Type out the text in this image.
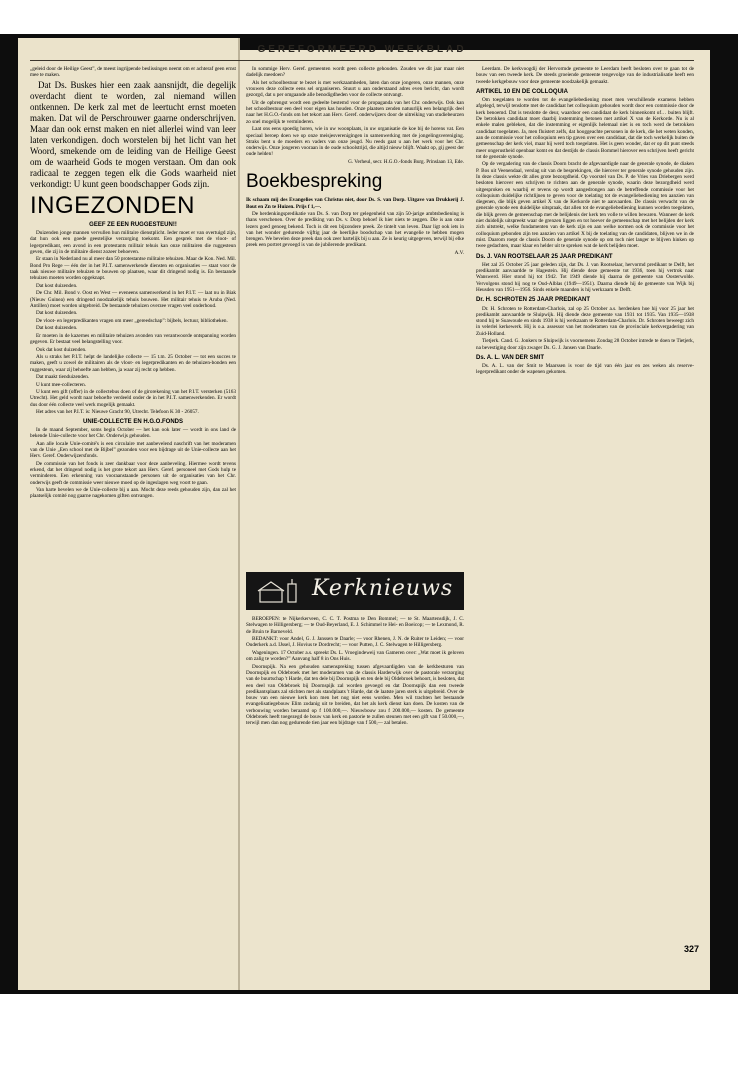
GEREFORMEERD WEEKBLAD

„geleid door de Heilige Geest”, de meest ingrijpende beslissingen neemt om er achteraf geen ernst mee te maken.

Dat Ds. Buskes hier een zaak aansnijdt, die degelijk overdacht dient te worden, zal niemand willen ontkennen. De kerk zal met de leertucht ernst moeten maken. Dat wil de Perschrouwer gaarne onderschrijven. Maar dan ook ernst maken en niet allerlei wind van leer laten verkondigen. doch worstelen bij het licht van het Woord, smekende om de leiding van de Heilige Geest om de waarheid Gods te mogen verstaan. Om dan ook radicaal te zeggen tegen elk die Gods waarheid niet verkondigt: U kunt geen boodschapper Gods zijn.

INGEZONDEN
GEEF ZE EEN RUGGESTEUN!!

Duizenden jonge mannen vervullen hun militaire dienstplicht. Ieder moet er van overtuigd zijn, dat hun ook een goede geestelijke verzorging toekomt. Een gesprek met de vloot- of legerpredikant, een avond in een protestants militair tehuis kan onze militairen die ruggesteun geven, die zij in de militaire dienst zozeer behoeven.

Er staan in Nederland nu al meer dan 50 protestantse militaire tehuizen. Maar de Kon. Ned. Mil. Bond Pro Rege — één der in het P.I.T. samenwerkende diensten en organisaties — staat voor de taak nieuwe militaire tehuizen te bouwen op plaatsen, waar dit dringend nodig is. En bestaande tehuizen moeten worden opgeknapt.

Dat kost duizenden.

De Chr. Mil. Bond v. Oost en West — eveneens samenwerkend in het P.I.T. — laat nu in Biak (Nieuw Guinea) een dringend noodzakelijk tehuis bouwen. Het militair tehuis te Aruba (Ned. Antillen) moet worden uitgebreid. De bestaande tehuizen overzee vragen veel onderhoud.

Dat kost duizenden.

De vloot- en legerpredikanten vragen om meer „gereedschap”: bijbels, lectuur, bibliotheken.

Dat kost duizenden.

Er moeten in de kazernes en militaire tehuizen avonden van verantwoorde ontspanning worden gegeven. Er bestaat veel belangstelling voor.

Ook dat kost duizenden.

Als u straks het P.I.T. helpt de landelijke collecte — 15 t.m. 25 October — tot een succes te maken, geeft u zowel de militairen als de vloot- en legerpredikanten en de tehuizen-bonden een ruggesteun, waar zij behoefte aan hebben, ja waar zij recht op hebben.

Dat maakt tienduizenden.

U kunt mee-collecteren.

U kunt een gift (offer) in de collectebus doen of de girorekening van het P.I.T. versterken (5163 Utrecht). Het geld wordt naar behoefte verdeeld onder de in het P.I.T. samenwerkenden. Er wordt dus door één collecte veel werk mogelijk gemaakt.

Het adres van het P.I.T. is: Nieuwe Gracht 90, Utrecht. Telefoon K 30 - 26057.

UNIE-COLLECTE EN H.G.O.FONDS

In de maand September, soms begin October — het kan ook later — wordt in ons land de bekende Unie-collecte voor het Chr. Onderwijs gehouden.

Aan alle locale Unie-comité's is een circulaire met aanbevelend naschrift van het moderamen van de Unie „Een school met de Bijbel” gezonden voor een bijdrage uit de Unie-collecte aan het Herv. Geref. Onderwijzersfonds.

De commissie van het fonds is zeer dankbaar voor deze aanbeveling. Hiermee wordt tevens erkend, dat het dringend nodig is het grote tekort aan Herv. Geref. personeel met Gods hulp te verminderen. Een erkenning van vooraanstaande personen uit de organisaties van het Chr. onderwijs geeft de commissie weer nieuwe moed op de ingeslagen weg voort te gaan.

Van harte bevelen we de Unie-collecte bij u aan. Mocht deze reeds gehouden zijn, dan zal het plaatselijk comité nog gaarne nagekomen giften ontvangen.

In sommige Herv. Geref. gemeenten wordt geen collecte gehouden. Zouden we dit jaar maar niet dadelijk meedoen?

Als het schoolbestuur te bezet is met werkzaamheden, laten dan onze jongeren, onze mannen, onze vrouwen deze collecte eens sel organiseren. Stuurt u aan onderstaand adres even bericht, dan wordt gezorgd, dat u per omgaande alle benodigdheden voor de collecte ontvangt.

Uit de opbrengst wordt een gedeelte bestemd voor de propaganda van het Chr. onderwijs. Ook kan het schoolbestuur een deel voor eigen kas houden. Onze plaatsen zenden natuurlijk een belangrijk deel naar het H.G.O.-fonds om het tekort aan Herv. Geref. onderwijzers door de uitreiking van studiebeurzen zo snel mogelijk te verminderen.

Laat ons eens spoedig horen, wie in uw woonplaats, in uw organisatie de koe bij de horens vat. Een speciaal beroep doen we op onze meisjesverenigingen in samenwerking met de jongelingsvereniging. Straks bent u de moeders en vaders van onze jeugd. Nu reeds gaat u aan het werk voor het Chr. onderwijs. Onze jongeren vooraan in de oude schoolstrijd, die altijd nieuw blijft. Waakt op, gij geest der oude helden!

G. Verheul, secr. H.G.O.-fonds Burg. Prinslaan 13, Ede.

Boekbespreking

Ik schaam mij des Evangelies van Christus niet, door Ds. S. van Dorp. Uitgave van Drukkerij J. Bout en Zn te Huizen. Prijs f 1,—.

De herdenkingspredikatie van Ds. S. van Dorp ter gelegenheid van zijn 50-jarige ambtsbediening is thans verschenen. Over de prediking van Ds. v. Dorp behoef ik hier niets te zeggen. Die is aan onze lezers goed genoeg bekend. Toch is dit een bijzondere preek. Ze tintelt van leven. Daar ligt ook iets in van het wonder gedurende vijftig jaar de heerlijke boodschap van het evangelie te hebben mogen brengen. We bevelen deze preek dan ook zeer hartelijk bij u aan. Ze is keurig uitgegeven, terwijl bij elke preek een portret gevoegd is van de jubilerende predikant.

A.V.

Kerknieuws

BEROEPEN: te Nijkerkerveen, C. C. T. Postma te Den Bommel; — te St. Maartensdijk, J. C. Stelwagen te Hilligersberg; — te Oud-Beyerland, E. J. Schimmel te Hei- en Boeicop; — te Lexmond, R. de Bruin te Barneveld.

BEDANKT: voor Andel, G. J. Janssen te Daarle; — voor Rhenen, J. N. de Ruiter te Leiden; — voor Ouderkerk a.d. IJssel, J. Hovius te Dordrecht; — voor Putten, J. C. Stelwagen te Hilligersberg.

Wageningen. 17 October a.s. spreekt Ds. L. Vroegindeweij van Gameren over: „Wat moet ik geloven om zalig te worden?” Aanvang half 8 in Ons Huis.

Doornspijk. Na een gehouden samenspreking tussen afgevaardigden van de kerkbesturen van Doornspijk en Oldebroek met het moderamen van de classis Harderwijk over de pastorale verzorging van de buurtschap 't Harde, dat ten dele bij Doornspijk en ten dele bij Oldebroek behoort, is besloten, dat een deel van Oldebroek bij Doornspijk zal worden gevoegd en dat Doornspijk dan een tweede predikantsplaats zal stichten met als standplaats 't Harde, dat de laatste jaren sterk is uitgebreid. Over de bouw van een nieuwe kerk kon men het nog niet eens worden. Men wil trachten het bestaande evangelisatiegebouw Elim zodanig uit te breiden, dat het als kerk dienst kan doen. De kosten van de verbouwing worden beraamd op f 100.000,—. Nieuwbouw zou f 200.000,— kosten. De gemeente Oldebroek heeft toegezegd de bouw van kerk en pastorie te zullen steunen met een gift van f 50.000,—, terwijl men dan nog gedurende tien jaar een bijdrage van f 500,— zal betalen.

Leerdam. De kerkvoogdij der Hervormde gemeente te Leerdam heeft besloten over te gaan tot de bouw van een tweede kerk. De steeds groeiende gemeente tengevolge van de industrialisatie heeft een tweede kerkgebouw voor deze gemeente noodzakelijk gemaakt.

ARTIKEL 10 EN DE COLLOQUIA

Om toegelaten te worden tot de evangeliebediening moet men verschillende examens hebben afgelegd, terwijl tenslotte met de candidaat het colloquium gehouden wordt door een commissie door de kerk benoemd. Dat is tenslotte de deur, waardoor een candidaat de kerk binnenkomt of… buiten blijft. De betrokken candidaat moet daarbij instemming betonen met artikel X van de Kerkorde. Nu is al enkele malen gebleken, dat die instemming er eigenlijk helemaal niet is en toch werd de betrokken candidaat toegelaten. Ja, men fluistert zelfs, dat hooggeachte personen in de kerk, die het weten konden, aan de commissie voor het colloquium een tip gaven over een candidaat, dat die toch werkelijk buiten de gemeenschap der kerk viel, maar hij werd toch toegelaten. Het is geen wonder, dat er op dit punt steeds meer ongerustheid openbaar komt en dat destijds de classis Bommel hierover een schrijven heeft gericht tot de generale synode.

Op de vergadering van de classis Doorn bracht de afgevaardigde naar de generale synode, de diaken P. Bos uit Veenendaal, verslag uit van de besprekingen, die hierover ter generale synode gehouden zijn. In deze classis wekte dit alles grote bezorgdheid. Op voorstel van Ds. P. de Vries van Driebergen werd besloten hierover een schrijven te richten aan de generale synode, waarin deze bezorgdheid werd uitgesproken en waarbij er tevens op wordt aangedrongen aan de betreffende commissie voor het colloquium duidelijke richtlijnen te geven voor de toelating tot de evangeliebediening ten aanzien van diegenen, die blijk geven artikel X van de Kerkorde niet te aanvaarden. De classis verwacht van de generale synode een duidelijke uitspraak, dat allen tot de evangeliebediening kunnen worden toegelaten, die blijk geven de gemeenschap met de belijdenis der kerk ten volle te willen bewaren. Wanneer de kerk niet duidelijk uitspreekt waar de grenzen liggen en tot hoever de gemeenschap met het belijden der kerk zich uitstrekt, welke fundamenten van de kerk zijn en aan welke normen ook de commissie voor het colloquium gebonden zijn ten aanzien van artikel X bij de toelating van de candidaten, blijven we in de mist. Daarom roept de classis Doorn de generale synode op om toch niet langer te blijven hinken op twee gedachten, maar klaar en helder uit te spreken wat de kerk belijden moet.

Ds. J. VAN ROOTSELAAR 25 JAAR PREDIKANT

Het zal 25 October 25 jaar geleden zijn, dat Ds. J. van Rootselaar, hervormd predikant te Delft, het predikambt aanvaardde te Hagestein. Hij diende deze gemeente tot 1936, toen hij vertrok naar Wanswerd. Hier stond hij tot 1942. Tot 1949 diende hij daarna de gemeente van Oosterwolde. Vervolgens stond hij nog te Oud-Alblas (1949—1951). Daarna diende hij de gemeente van Wijk bij Heusden van 1951—1956. Sinds enkele maanden is hij werkzaam te Delft.

Dr. H. SCHROTEN 25 JAAR PREDIKANT

Dr. H. Schroten te Rotterdam-Charlois, zal op 25 October a.s. herdenken hoe hij voor 25 jaar het predikambt aanvaardde te Sluipwijk. Hij diende deze gemeente van 1931 tot 1935. Van 1935—1938 stond hij te Suawoude en sinds 1938 is hij werkzaam te Rotterdam-Charlois. Dr. Schroten beweegt zich in velerlei kerkewerk. Hij is o.a. assessor van het moderamen van de provinciale kerkvergadering van Zuid-Holland.

Tietjerk. Cand. G. Jonkers te Sluipwijk is voornemens Zondag 28 October intrede te doen te Tietjerk, na bevestiging door zijn zwager Ds. G. J. Jansen van Daarle.

Ds. A. L. VAN DER SMIT

Ds. A. L. van der Smit te Maarssen is voor de tijd van één jaar en zes weken als reserve-legerpredikant onder de wapenen gekomen.

327
